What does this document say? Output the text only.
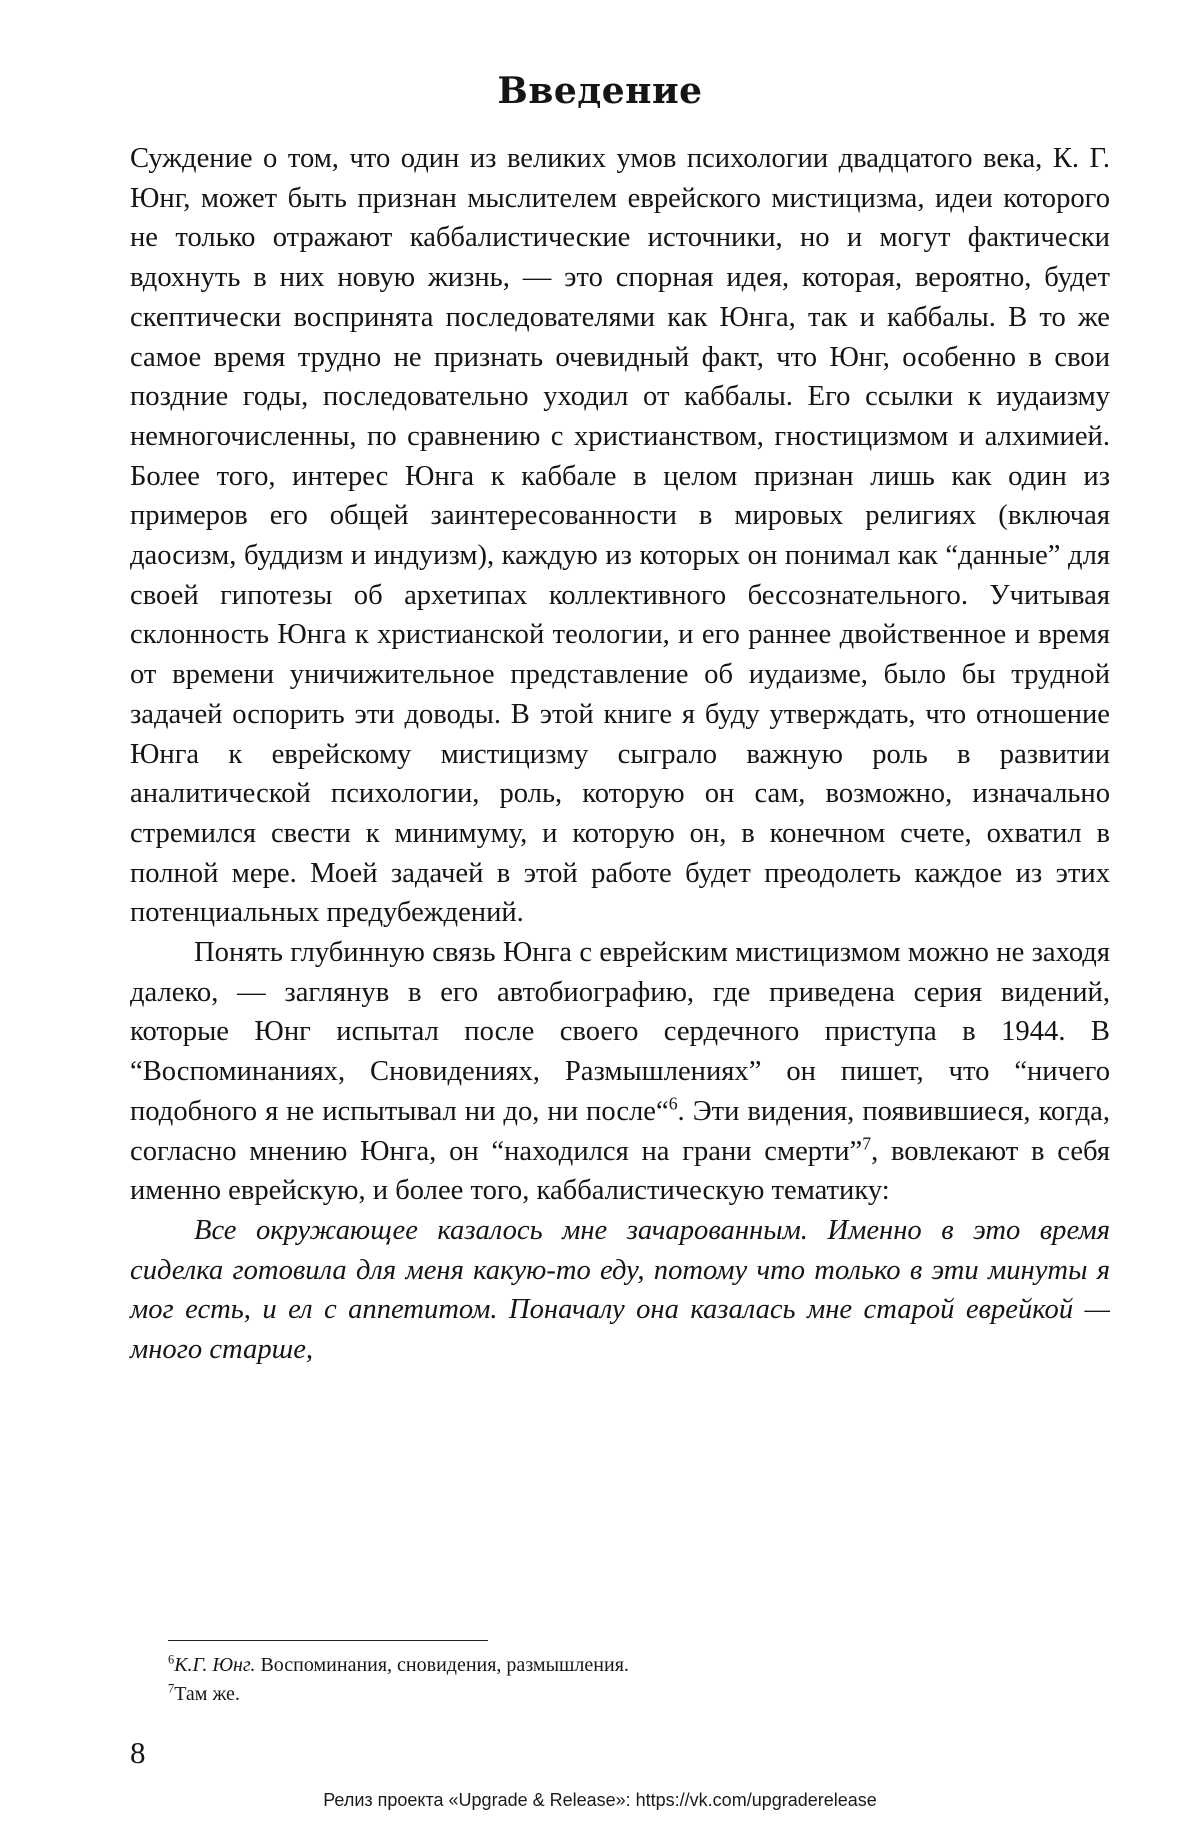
Введение

Суждение о том, что один из великих умов психологии двадцатого века, К. Г. Юнг, может быть признан мыслителем еврейского мистицизма, идеи которого не только отражают каббалистические источники, но и могут фактически вдохнуть в них новую жизнь, — это спорная идея, которая, вероятно, будет скептически воспринята последователями как Юнга, так и каббалы. В то же самое время трудно не признать очевидный факт, что Юнг, особенно в свои поздние годы, последовательно уходил от каббалы. Его ссылки к иудаизму немногочисленны, по сравнению с христианством, гностицизмом и алхимией. Более того, интерес Юнга к каббале в целом признан лишь как один из примеров его общей заинтересованности в мировых религиях (включая даосизм, буддизм и индуизм), каждую из которых он понимал как “данные” для своей гипотезы об архетипах коллективного бессознательного. Учитывая склонность Юнга к христианской теологии, и его раннее двойственное и время от времени уничижительное представление об иудаизме, было бы трудной задачей оспорить эти доводы. В этой книге я буду утверждать, что отношение Юнга к еврейскому мистицизму сыграло важную роль в развитии аналитической психологии, роль, которую он сам, возможно, изначально стремился свести к минимуму, и которую он, в конечном счете, охватил в полной мере. Моей задачей в этой работе будет преодолеть каждое из этих потенциальных предубеждений.

Понять глубинную связь Юнга с еврейским мистицизмом можно не заходя далеко, — заглянув в его автобиографию, где приведена серия видений, которые Юнг испытал после своего сердечного приступа в 1944. В “Воспоминаниях, Сновидениях, Размышлениях” он пишет, что “ничего подобного я не испытывал ни до, ни после“$^6$. Эти видения, появившиеся, когда, согласно мнению Юнга, он “находился на грани смерти”$^7$, вовлекают в себя именно еврейскую, и более того, каббалистическую тематику:

Все окружающее казалось мне зачарованным. Именно в это время сиделка готовила для меня какую-то еду, потому что только в эти минуты я мог есть, и ел с аппетитом. Поначалу она казалась мне старой еврейкой — много старше,

$^6$К.Г. Юнг. Воспоминания, сновидения, размышления.
$^7$Там же.
8
Релиз проекта «Upgrade & Release»: https://vk.com/upgraderelease
